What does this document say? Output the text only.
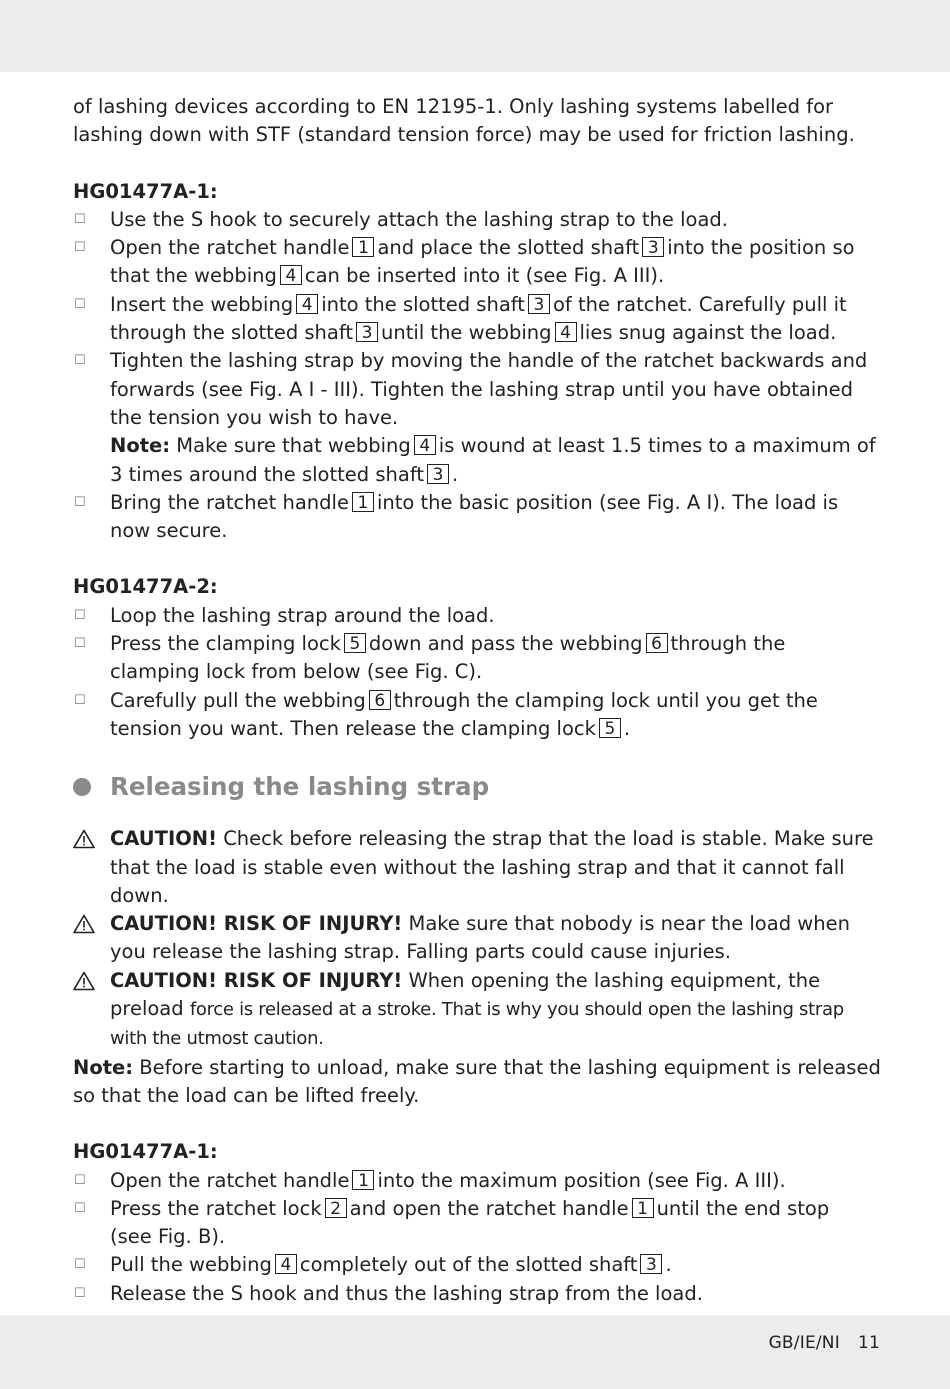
of lashing devices according to EN 12195-1. Only lashing systems labelled for lashing down with STF (standard tension force) may be used for friction lashing.

HG01477A-1:
☐ Use the S hook to securely attach the lashing strap to the load.
☐ Open the ratchet handle 1 and place the slotted shaft 3 into the position so that the webbing 4 can be inserted into it (see Fig. A III).
☐ Insert the webbing 4 into the slotted shaft 3 of the ratchet. Carefully pull it through the slotted shaft 3 until the webbing 4 lies snug against the load.
☐ Tighten the lashing strap by moving the handle of the ratchet backwards and forwards (see Fig. A I - III). Tighten the lashing strap until you have obtained the tension you wish to have.
Note: Make sure that webbing 4 is wound at least 1.5 times to a maximum of 3 times around the slotted shaft 3 .
☐ Bring the ratchet handle 1 into the basic position (see Fig. A I). The load is now secure.
HG01477A-2:
☐ Loop the lashing strap around the load.
☐ Press the clamping lock 5 down and pass the webbing 6 through the clamping lock from below (see Fig. C).
☐ Carefully pull the webbing 6 through the clamping lock until you get the tension you want. Then release the clamping lock 5 .
Releasing the lashing strap
CAUTION! Check before releasing the strap that the load is stable. Make sure that the load is stable even without the lashing strap and that it cannot fall down.
CAUTION! RISK OF INJURY! Make sure that nobody is near the load when you release the lashing strap. Falling parts could cause injuries.
CAUTION! RISK OF INJURY! When opening the lashing equipment, the preload force is released at a stroke. That is why you should open the lashing strap with the utmost caution.

Note: Before starting to unload, make sure that the lashing equipment is released so that the load can be lifted freely.

HG01477A-1:
☐ Open the ratchet handle 1 into the maximum position (see Fig. A III).
☐ Press the ratchet lock 2 and open the ratchet handle 1 until the end stop
(see Fig. B).
☐ Pull the webbing 4 completely out of the slotted shaft 3 .
☐ Release the S hook and thus the lashing strap from the load.
GB/IE/NI 11
